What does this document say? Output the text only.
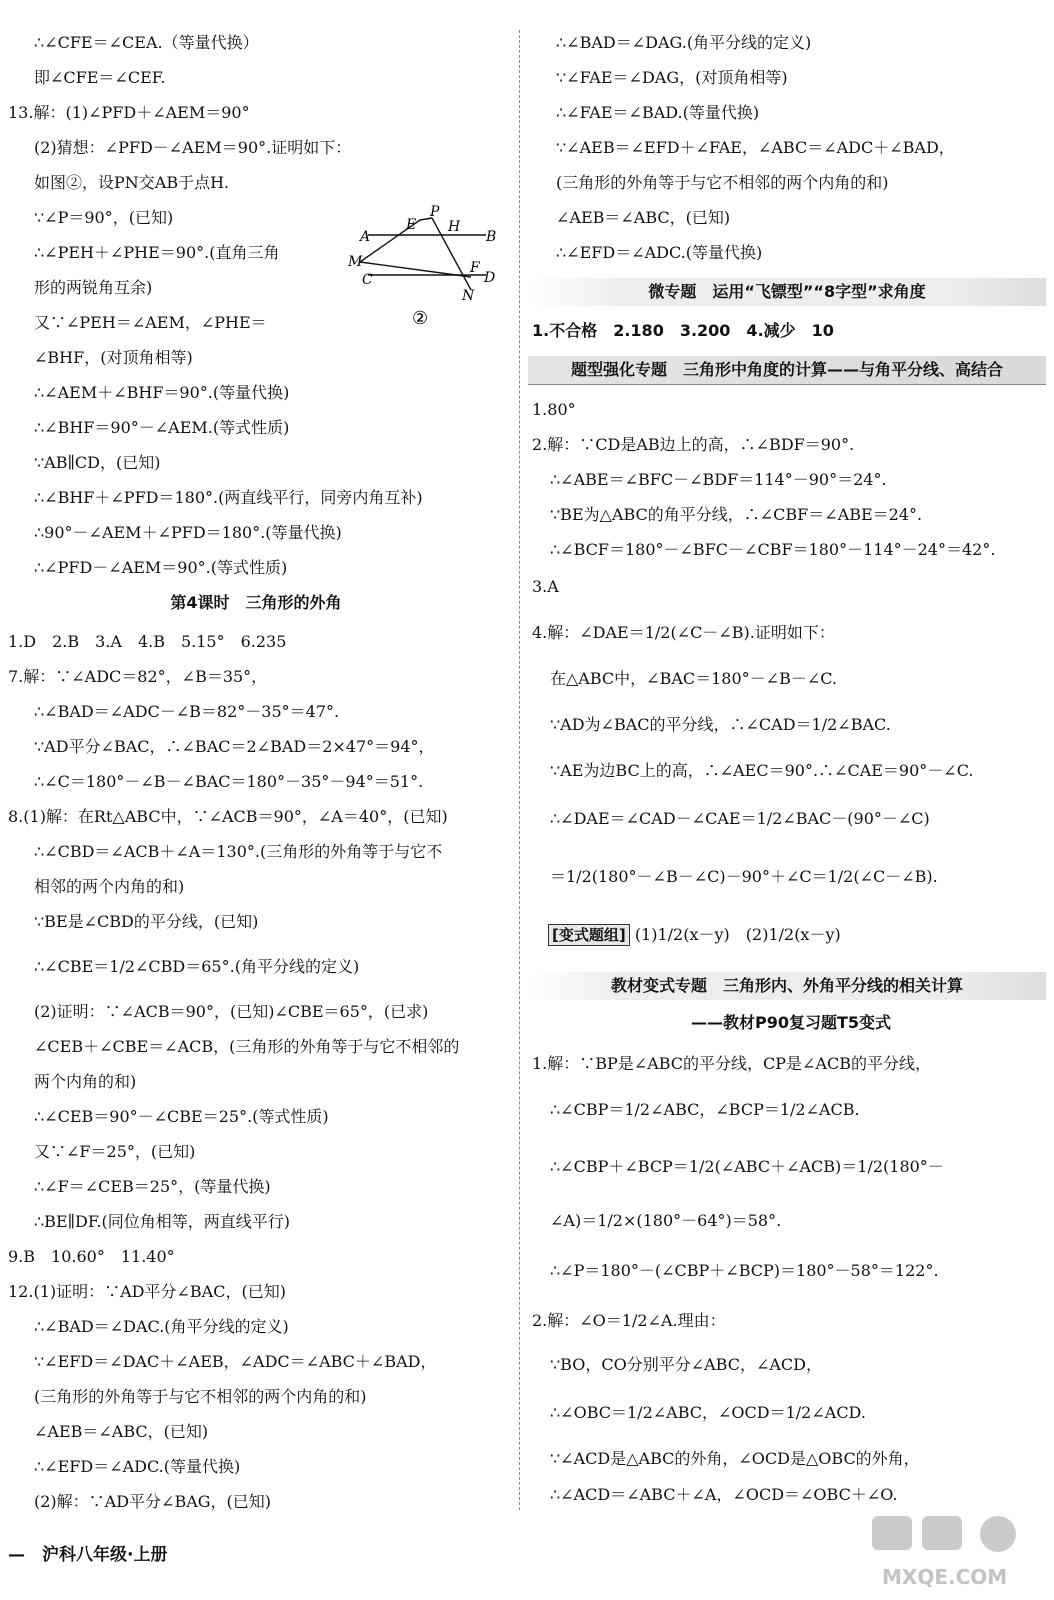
∴∠CFE＝∠CEA.（等量代换）
即∠CFE＝∠CEF.
13.解：(1)∠PFD＋∠AEM＝90°
(2)猜想：∠PFD－∠AEM＝90°.证明如下：
如图②，设PN交AB于点H.
∵∠P＝90°，(已知)
∴∠PEH＋∠PHE＝90°.(直角三角
形的两锐角互余)
又∵∠PEH＝∠AEM，∠PHE＝
∠BHF，(对顶角相等)
∴∠AEM＋∠BHF＝90°.(等量代换)
∴∠BHF＝90°－∠AEM.(等式性质)
∵AB∥CD，(已知)
∴∠BHF＋∠PFD＝180°.(两直线平行，同旁内角互补)
∴90°－∠AEM＋∠PFD＝180°.(等量代换)
∴∠PFD－∠AEM＝90°.(等式性质)
第4课时　三角形的外角
1.D　2.B　3.A　4.B　5.15°　6.235
7.解：∵∠ADC＝82°，∠B＝35°，
∴∠BAD＝∠ADC－∠B＝82°－35°＝47°.
∵AD平分∠BAC，∴∠BAC＝2∠BAD＝2×47°＝94°，
∴∠C＝180°－∠B－∠BAC＝180°－35°－94°＝51°.
8.(1)解：在Rt△ABC中，∵∠ACB＝90°，∠A＝40°，(已知)
∴∠CBD＝∠ACB＋∠A＝130°.(三角形的外角等于与它不
相邻的两个内角的和)
∵BE是∠CBD的平分线，(已知)
∴∠CBE＝1/2∠CBD＝65°.(角平分线的定义)
(2)证明：∵∠ACB＝90°，(已知)∠CBE＝65°，(已求)
∠CEB＋∠CBE＝∠ACB，(三角形的外角等于与它不相邻的
两个内角的和)
∴∠CEB＝90°－∠CBE＝25°.(等式性质)
又∵∠F＝25°，(已知)
∴∠F＝∠CEB＝25°，(等量代换)
∴BE∥DF.(同位角相等，两直线平行)
9.B　10.60°　11.40°
12.(1)证明：∵AD平分∠BAC，(已知)
∴∠BAD＝∠DAC.(角平分线的定义)
∵∠EFD＝∠DAC＋∠AEB，∠ADC＝∠ABC＋∠BAD，
(三角形的外角等于与它不相邻的两个内角的和)
∠AEB＝∠ABC，(已知)
∴∠EFD＝∠ADC.(等量代换)
(2)解：∵AD平分∠BAG，(已知)
A
E
P
H
B
M
C
F
D
N
②
∴∠BAD＝∠DAG.(角平分线的定义)
∵∠FAE＝∠DAG，(对顶角相等)
∴∠FAE＝∠BAD.(等量代换)
∵∠AEB＝∠EFD＋∠FAE，∠ABC＝∠ADC＋∠BAD，
(三角形的外角等于与它不相邻的两个内角的和)
∠AEB＝∠ABC，(已知)
∴∠EFD＝∠ADC.(等量代换)
微专题　运用“飞镖型”“8字型”求角度
1.不合格　2.180　3.200　4.减少　10
题型强化专题　三角形中角度的计算——与角平分线、高结合
1.80°
2.解：∵CD是AB边上的高，∴∠BDF＝90°.
∴∠ABE＝∠BFC－∠BDF＝114°－90°＝24°.
∵BE为△ABC的角平分线，∴∠CBF＝∠ABE＝24°.
∴∠BCF＝180°－∠BFC－∠CBF＝180°－114°－24°＝42°.
3.A
4.解：∠DAE＝1/2(∠C－∠B).证明如下：
在△ABC中，∠BAC＝180°－∠B－∠C.
∵AD为∠BAC的平分线，∴∠CAD＝1/2∠BAC.
∵AE为边BC上的高，∴∠AEC＝90°.∴∠CAE＝90°－∠C.
∴∠DAE＝∠CAD－∠CAE＝1/2∠BAC－(90°－∠C)
＝1/2(180°－∠B－∠C)－90°＋∠C＝1/2(∠C－∠B).
[变式题组] (1)1/2(x－y)　(2)1/2(x－y)
教材变式专题　三角形内、外角平分线的相关计算
——教材P90复习题T5变式
1.解：∵BP是∠ABC的平分线，CP是∠ACB的平分线，
∴∠CBP＝1/2∠ABC，∠BCP＝1/2∠ACB.
∴∠CBP＋∠BCP＝1/2(∠ABC＋∠ACB)＝1/2(180°－
∠A)＝1/2×(180°－64°)＝58°.
∴∠P＝180°－(∠CBP＋∠BCP)＝180°－58°＝122°.
2.解：∠O＝1/2∠A.理由：
∵BO，CO分别平分∠ABC，∠ACD，
∴∠OBC＝1/2∠ABC，∠OCD＝1/2∠ACD.
∵∠ACD是△ABC的外角，∠OCD是△OBC的外角，
∴∠ACD＝∠ABC＋∠A，∠OCD＝∠OBC＋∠O.
—　沪科八年级·上册
MXQE.COM
